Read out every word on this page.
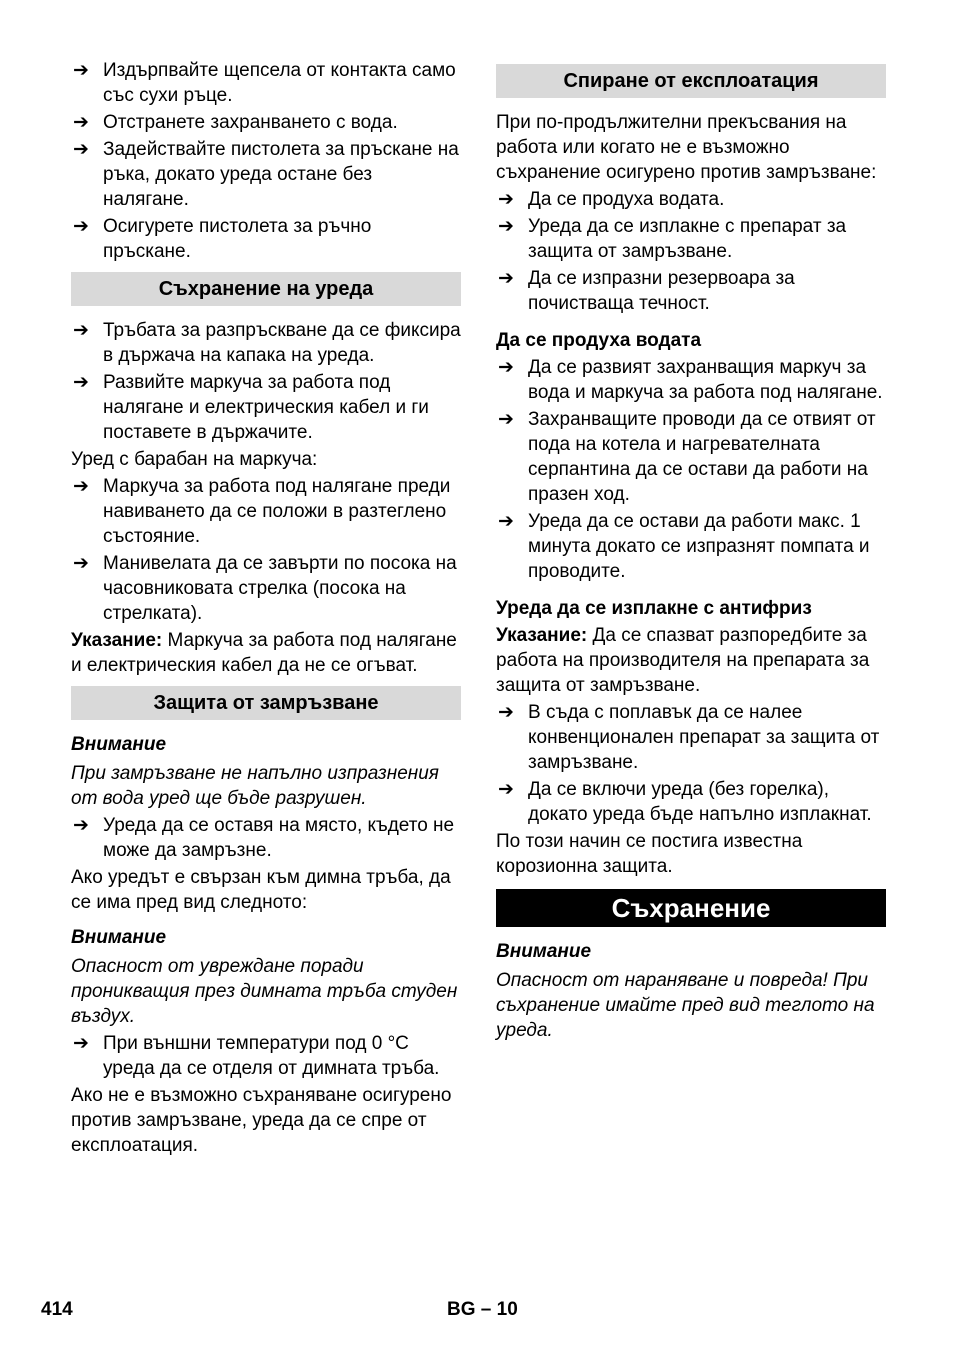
➔ Издърпвайте щепсела от контакта само със сухи ръце.
➔ Отстранете захранването с вода.
➔ Задействайте пистолета за пръскане на ръка, докато уреда остане без налягане.
➔ Осигурете пистолета за ръчно пръскане.
Съхранение на уреда
➔ Тръбата за разпръскване да се фиксира в държача на капака на уреда.
➔ Развийте маркуча за работа под налягане и електрическия кабел и ги поставете в държачите.
Уред с барабан на маркуча:
➔ Маркуча за работа под налягане преди навиването да се положи в разтеглено състояние.
➔ Манивелата да се завърти по посока на часовниковата стрелка (посока на стрелката).
Указание: Маркуча за работа под налягане и електрическия кабел да не се огъват.
Защита от замръзване
Внимание
При замръзване не напълно изпразнения от вода уред ще бъде разрушен.
➔ Уреда да се оставя на място, където не може да замръзне.
Ако уредът е свързан към димна тръба, да се има пред вид следното:
Внимание
Опасност от увреждане поради проникващия през димната тръба студен въздух.
➔ При външни температури под 0 °C уреда да се отделя от димната тръба.
Ако не е възможно съхраняване осигурено против замръзване, уреда да се спре от експлоатация.
Спиране от експлоатация
При по-продължителни прекъсвания на работа или когато не е възможно съхранение осигурено против замръзване:
➔ Да се продуха водата.
➔ Уреда да се изплакне с препарат за защита от замръзване.
➔ Да се изпразни резервоара за почистваща течност.
Да се продуха водата
➔ Да се развият захранващия маркуч за вода и маркуча за работа под налягане.
➔ Захранващите проводи да се отвият от пода на котела и нагревателната серпантина да се остави да работи на празен ход.
➔ Уреда да се остави да работи макс. 1 минута докато се изпразнят помпата и проводите.
Уреда да се изплакне с антифриз
Указание: Да се спазват разпоредбите за работа на производителя на препарата за защита от замръзване.
➔ В съда с поплавък да се налее конвенционален препарат за защита от замръзване.
➔ Да се включи уреда (без горелка), докато уреда бъде напълно изплакнат.
По този начин се постига известна корозионна защита.
Съхранение
Внимание
Опасност от нараняване и повреда! При съхранение имайте пред вид теглото на уреда.
414	BG – 10
